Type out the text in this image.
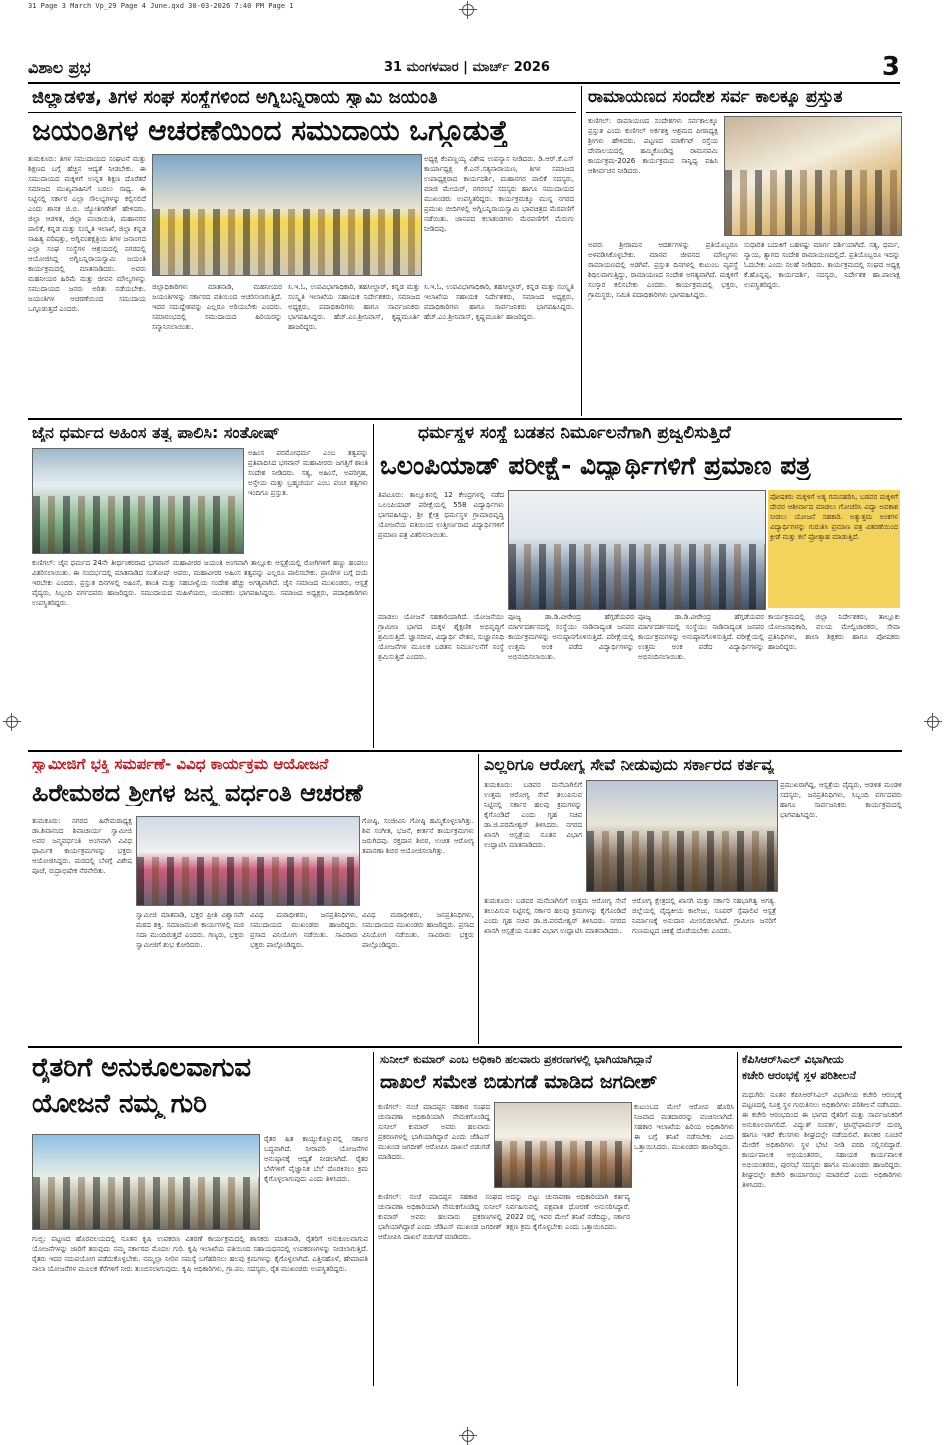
31 Page 3 March Vp_29 Page 4 June.qxd 30-03-2026 7:40 PM Page 1
ವಿಶಾಲ ಪ್ರಭ	31 ಮಂಗಳವಾರ | ಮಾರ್ಚ್ 2026	3
ಜಿಲ್ಲಾಡಳಿತ, ತಿಗಳ ಸಂಘ ಸಂಸ್ಥೆಗಳಿಂದ ಅಗ್ನಿಬನ್ನಿರಾಯ ಸ್ವಾಮಿ ಜಯಂತಿ
ಜಯಂತಿಗಳ ಆಚರಣೆಯಿಂದ ಸಮುದಾಯ ಒಗ್ಗೂಡುತ್ತೆ
ತುಮಕೂರು: ತಿಗಳ ಸಮುದಾಯದ ಸಂಘಟನೆ ಮತ್ತು ಶಿಕ್ಷಣದ ಬಗ್ಗೆ ಹೆಚ್ಚಿನ ಆದ್ಯತೆ ನೀಡಬೇಕು. ಈ ಸಮುದಾಯದ ಮಕ್ಕಳಿಗೆ ಉನ್ನತ ಶಿಕ್ಷಣ ದೊರೆತರೆ ಸಮಾಜದ ಮುಖ್ಯವಾಹಿನಿಗೆ ಬರಲು ಸಾಧ್ಯ. ಈ ನಿಟ್ಟಿನಲ್ಲಿ ಸರ್ಕಾರ ಎಲ್ಲಾ ಸೌಲಭ್ಯಗಳನ್ನು ಕಲ್ಪಿಸಲಿದೆ ಎಂದು ಶಾಸಕ ಜಿ.ಬಿ. ಜ್ಯೋತಿಗಣೇಶ್ ಹೇಳಿದರು. ಜಿಲ್ಲಾ ಆಡಳಿತ, ಜಿಲ್ಲಾ ಪಂಚಾಯಿತಿ, ಮಹಾನಗರ ಪಾಲಿಕೆ, ಕನ್ನಡ ಮತ್ತು ಸಂಸ್ಕೃತಿ ಇಲಾಖೆ, ಜಿಲ್ಲಾ ಕನ್ನಡ ಸಾಹಿತ್ಯ ಪರಿಷತ್ತು, ಅಗ್ನಿವಂಶಕ್ಷತ್ರಿಯ ತಿಗಳ ಜನಾಂಗದ ಎಲ್ಲಾ ಸಂಘ ಸಂಸ್ಥೆಗಳ ಆಶ್ರಯದಲ್ಲಿ ನಗರದಲ್ಲಿ ಆಯೋಜಿಸಿದ್ದ ಅಗ್ನಿಬನ್ನಿರಾಯಸ್ವಾಮಿ ಜಯಂತಿ ಕಾರ್ಯಕ್ರಮದಲ್ಲಿ ಮಾತನಾಡಿದರು. ಅವರು ಮಹನೀಯರ ಹಿರಿಮೆ ಮತ್ತು ಜೀವನ ಮೌಲ್ಯಗಳನ್ನು ಸಮುದಾಯದ ಜನರು ಅರಿತು ನಡೆಯಬೇಕು. ಜಯಂತಿಗಳ ಆಚರಣೆಯಿಂದ ಸಮುದಾಯ ಒಗ್ಗೂಡುತ್ತದೆ ಎಂದರು.
ಅಧ್ಯಕ್ಷ ಕೆಂಪಣ್ಣಯ್ಯ ವಿಶೇಷ ಉಪನ್ಯಾಸ ನೀಡಿದರು. ಡಿ.ಆರ್.ಕೆ.ಎಸ್ ಕಾರ್ಯಾಧ್ಯಕ್ಷ ಕೆ.ಎನ್.ಸತ್ಯನಾರಾಯಣ, ತಿಗಳ ಸಮಾಜದ ಉಪಾಧ್ಯಕ್ಷರಾದ ಕಾರ್ಯದರ್ಶಿ, ಮಹಾನಗರ ಪಾಲಿಕೆ ಸದಸ್ಯರು, ಮಾಜಿ ಮೇಯರ್, ನಗರಸಭೆ ಸದಸ್ಯರು ಹಾಗೂ ಸಮುದಾಯದ ಮುಖಂಡರು ಉಪಸ್ಥಿತರಿದ್ದರು. ಕಾರ್ಯಕ್ರಮಕ್ಕೂ ಮುನ್ನ ನಗರದ ಪ್ರಮುಖ ಬೀದಿಗಳಲ್ಲಿ ಅಗ್ನಿಬನ್ನಿರಾಯಸ್ವಾಮಿ ಭಾವಚಿತ್ರದ ಮೆರವಣಿಗೆ ನಡೆಯಿತು. ಜಾನಪದ ಕಲಾತಂಡಗಳು ಮೆರವಣಿಗೆಗೆ ಮೆರುಗು ನೀಡಿದವು.
ಜಿಲ್ಲಾಧಿಕಾರಿಗಳು ಮಾತನಾಡಿ, ಮಹನೀಯರ ಜಯಂತಿಗಳನ್ನು ಸರ್ಕಾರದ ವತಿಯಿಂದ ಆಚರಿಸಲಾಗುತ್ತಿದೆ. ಇದರ ಸದುದ್ದೇಶವನ್ನು ಎಲ್ಲರೂ ಅರಿಯಬೇಕು ಎಂದರು. ಸಮಾರಂಭದಲ್ಲಿ ಸಮುದಾಯದ ಹಿರಿಯರನ್ನು ಸನ್ಮಾನಿಸಲಾಯಿತು.
ಸಿ.ಇ.ಓ, ಉಪವಿಭಾಗಾಧಿಕಾರಿ, ತಹಸೀಲ್ದಾರ್, ಕನ್ನಡ ಮತ್ತು ಸಂಸ್ಕೃತಿ ಇಲಾಖೆಯ ಸಹಾಯಕ ನಿರ್ದೇಶಕರು, ಸಮಾಜದ ಅಧ್ಯಕ್ಷರು, ಪದಾಧಿಕಾರಿಗಳು ಹಾಗೂ ಸಾರ್ವಜನಿಕರು ಭಾಗವಹಿಸಿದ್ದರು. ಹೆಚ್.ಎಂ.ಶ್ರೀನಿವಾಸ್, ಕೃಷ್ಣಮೂರ್ತಿ ಹಾಜರಿದ್ದರು.
ಸಿ.ಇ.ಓ, ಉಪವಿಭಾಗಾಧಿಕಾರಿ, ತಹಸೀಲ್ದಾರ್, ಕನ್ನಡ ಮತ್ತು ಸಂಸ್ಕೃತಿ ಇಲಾಖೆಯ ಸಹಾಯಕ ನಿರ್ದೇಶಕರು, ಸಮಾಜದ ಅಧ್ಯಕ್ಷರು, ಪದಾಧಿಕಾರಿಗಳು ಹಾಗೂ ಸಾರ್ವಜನಿಕರು ಭಾಗವಹಿಸಿದ್ದರು. ಹೆಚ್.ಎಂ.ಶ್ರೀನಿವಾಸ್, ಕೃಷ್ಣಮೂರ್ತಿ ಹಾಜರಿದ್ದರು.
ರಾಮಾಯಣದ ಸಂದೇಶ ಸರ್ವ ಕಾಲಕ್ಕೂ ಪ್ರಸ್ತುತ
ಕುಣಿಗಲ್: ರಾಮಾಯಣದ ಸಂದೇಶಗಳು ಸರ್ವಕಾಲಕ್ಕೂ ಪ್ರಸ್ತುತ ಎಂದು ಕುಣಿಗಲ್ ಅರ್ಕಶಕ್ತಿ ಆಶ್ರಮದ ಪೀಠಾಧ್ಯಕ್ಷ ಶ್ರೀಗಳು ಹೇಳಿದರು. ಪಟ್ಟಣದ ಮಾರ್ಕೆಟ್ ರಸ್ತೆಯ ದೇವಾಲಯದಲ್ಲಿ ಹಮ್ಮಿಕೊಂಡಿದ್ದ ರಾಮನವಮಿ ಕಾರ್ಯಕ್ರಮ-2026 ಕಾರ್ಯಕ್ರಮದ ಸಾನ್ನಿಧ್ಯ ವಹಿಸಿ ಆಶೀರ್ವಚನ ನೀಡಿದರು.
ಅವರು ಶ್ರೀರಾಮನ ಆದರ್ಶಗಳನ್ನು ಪ್ರತಿಯೊಬ್ಬರೂ ಅಳವಡಿಸಿಕೊಳ್ಳಬೇಕು. ಮಾನವ ಜೀವನದ ಮೌಲ್ಯಗಳು ರಾಮಾಯಣದಲ್ಲಿ ಅಡಗಿವೆ. ಪ್ರಸ್ತುತ ದಿನಗಳಲ್ಲಿ ಕುಟುಂಬ ವ್ಯವಸ್ಥೆ ಶಿಥಿಲವಾಗುತ್ತಿದ್ದು, ರಾಮಾಯಣದ ಸಂದೇಶ ಅಗತ್ಯವಾಗಿದೆ. ಮಕ್ಕಳಿಗೆ ಸಂಸ್ಕಾರ ಕಲಿಸಬೇಕು ಎಂದರು. ಕಾರ್ಯಕ್ರಮದಲ್ಲಿ ಭಕ್ತರು, ಗ್ರಾಮಸ್ಥರು, ಸಮಿತಿ ಪದಾಧಿಕಾರಿಗಳು ಭಾಗವಹಿಸಿದ್ದರು.
ಸುಧಾರಿತ ಬದುಕಿಗೆ ಬಹಳಷ್ಟು ಮಾರ್ಗ ದರ್ಶಿಯಾಗಿದೆ. ಸತ್ಯ, ಧರ್ಮ, ನ್ಯಾಯ, ತ್ಯಾಗದ ಸಂದೇಶ ರಾಮಾಯಣದಲ್ಲಿದೆ. ಪ್ರತಿಯೊಬ್ಬರೂ ಇದನ್ನು ಓದಬೇಕು ಎಂದು ಸಲಹೆ ನೀಡಿದರು. ಕಾರ್ಯಕ್ರಮದಲ್ಲಿ ಸಂಘದ ಅಧ್ಯಕ್ಷ ಕೆ.ಹೊನ್ನಪ್ಪ, ಕಾರ್ಯದರ್ಶಿ, ಸದಸ್ಯರು, ನಿರ್ದೇಶಕ ಹಾ.ಪಾಲಾಕ್ಷ ಉಪಸ್ಥಿತರಿದ್ದರು.
ಜೈನ ಧರ್ಮದ ಅಹಿಂಸ ತತ್ವ ಪಾಲಿಸಿ: ಸಂತೋಷ್
ಅಹಿಂಸ ಪರಮೋಧರ್ಮ ಎಂಬ ತತ್ವವನ್ನು ಪ್ರತಿಪಾದಿಸಿದ ಭಗವಾನ್ ಮಹಾವೀರರು ಜಗತ್ತಿಗೆ ಶಾಂತಿ ಸಂದೇಶ ನೀಡಿದರು. ಸತ್ಯ, ಅಹಿಂಸೆ, ಅಪರಿಗ್ರಹ, ಅಸ್ತೇಯ ಮತ್ತು ಬ್ರಹ್ಮಚರ್ಯ ಎಂಬ ಪಂಚ ತತ್ವಗಳು ಇಂದಿಗೂ ಪ್ರಸ್ತುತ.
ಕುಣಿಗಲ್: ಜೈನ ಧರ್ಮದ 24ನೇ ತೀರ್ಥಂಕರರಾದ ಭಗವಾನ್ ಮಹಾವೀರರ ಜಯಂತಿ ಅಂಗವಾಗಿ ತಾಲ್ಲೂಕು ಆಸ್ಪತ್ರೆಯಲ್ಲಿ ರೋಗಿಗಳಿಗೆ ಹಣ್ಣು ಹಂಪಲು ವಿತರಿಸಲಾಯಿತು. ಈ ಸಂದರ್ಭದಲ್ಲಿ ಮಾತನಾಡಿದ ಸಂತೋಷ್ ಅವರು, ಮಹಾವೀರರ ಅಹಿಂಸ ತತ್ವವನ್ನು ಎಲ್ಲರೂ ಪಾಲಿಸಬೇಕು. ಪ್ರಾಣಿಗಳ ಬಗ್ಗೆ ದಯೆ ಇರಬೇಕು ಎಂದರು. ಪ್ರಸ್ತುತ ದಿನಗಳಲ್ಲಿ ಅಹಿಂಸೆ, ಶಾಂತಿ ಮತ್ತು ಸಹಬಾಳ್ವೆಯ ಸಂದೇಶ ಹೆಚ್ಚು ಅಗತ್ಯವಾಗಿದೆ. ಜೈನ ಸಮಾಜದ ಮುಖಂಡರು, ಆಸ್ಪತ್ರೆ ವೈದ್ಯರು, ಸಿಬ್ಬಂದಿ ವರ್ಗದವರು ಹಾಜರಿದ್ದರು. ಸಮುದಾಯದ ಮಹಿಳೆಯರು, ಯುವಕರು ಭಾಗವಹಿಸಿದ್ದರು. ಸಮಾಜದ ಅಧ್ಯಕ್ಷರು, ಪದಾಧಿಕಾರಿಗಳು ಉಪಸ್ಥಿತರಿದ್ದರು.
ಧರ್ಮಸ್ಥಳ ಸಂಸ್ಥೆ ಬಡತನ ನಿರ್ಮೂಲನೆಗಾಗಿ ಪ್ರಜ್ವಲಿಸುತ್ತಿದೆ
ಒಲಂಪಿಯಾಡ್ ಪರೀಕ್ಷೆ- ವಿದ್ಯಾರ್ಥಿಗಳಿಗೆ ಪ್ರಮಾಣ ಪತ್ರ
ತಿಪಟೂರು: ತಾಲ್ಲೂಕಿನಲ್ಲಿ 12 ಕೇಂದ್ರಗಳಲ್ಲಿ ನಡೆದ ಒಲಂಪಿಯಾಡ್ ಪರೀಕ್ಷೆಯಲ್ಲಿ 558 ವಿದ್ಯಾರ್ಥಿಗಳು ಭಾಗವಹಿಸಿದ್ದು, ಶ್ರೀ ಕ್ಷೇತ್ರ ಧರ್ಮಸ್ಥಳ ಗ್ರಾಮಾಭಿವೃದ್ಧಿ ಯೋಜನೆಯ ವತಿಯಿಂದ ಉತ್ತೀರ್ಣರಾದ ವಿದ್ಯಾರ್ಥಿಗಳಿಗೆ ಪ್ರಮಾಣ ಪತ್ರ ವಿತರಿಸಲಾಯಿತು.
ಪೋಷಕರು ಮಕ್ಕಳಿಗೆ ಅತ್ಯ ಗಮನಹರಿಸಿ, ಬಡವರ ಮಕ್ಕಳಿಗೆ ದೇವರ ಆಶೀರ್ವಾದ ಮಾಡಲು ಗೋಚರಿಸಿ ವಿದ್ಯಾ ಅವಕಾಶ ನೀಡಲು ಯೋಜನೆ ಸಹಕಾರಿ. ಅತ್ಯುತ್ತಮ ಅಂಕಗಳ ವಿದ್ಯಾರ್ಥಿಗಳನ್ನು ಗುರುತಿಸಿ ಪ್ರಮಾಣ ಪತ್ರ ವಿತರಣೆಯಿಂದ ಕ್ರೀಡೆ ಮತ್ತು ಕಲೆ ಪ್ರೋತ್ಸಾಹ ಮಾಡುತ್ತಿದೆ.
ಮಾಡಲು ಯೋಜನೆ ಸಹಕಾರಿಯಾಗಿದೆ. ಯೋಜನೆಯು ಗ್ರಾಮೀಣ ಭಾಗದ ಮಕ್ಕಳ ಶೈಕ್ಷಣಿಕ ಅಭಿವೃದ್ಧಿಗೆ ಶ್ರಮಿಸುತ್ತಿದೆ. ಜ್ಞಾನದೀಪ, ವಿದ್ಯಾರ್ಥಿ ವೇತನ, ಸುಜ್ಞಾನನಿಧಿ ಯೋಜನೆಗಳ ಮೂಲಕ ಬಡತನ ನಿರ್ಮೂಲನೆಗೆ ಸಂಸ್ಥೆ ಶ್ರಮಿಸುತ್ತಿದೆ ಎಂದರು.
ಪೂಜ್ಯ ಡಾ.ಡಿ.ವೀರೇಂದ್ರ ಹೆಗ್ಗಡೆಯವರ ಮಾರ್ಗದರ್ಶನದಲ್ಲಿ ಸಂಸ್ಥೆಯು ನಾಡಿನಾದ್ಯಂತ ಜನಪರ ಕಾರ್ಯಕ್ರಮಗಳನ್ನು ಅನುಷ್ಠಾನಗೊಳಿಸುತ್ತಿದೆ. ಪರೀಕ್ಷೆಯಲ್ಲಿ ಉತ್ತಮ ಅಂಕ ಪಡೆದ ವಿದ್ಯಾರ್ಥಿಗಳನ್ನು ಅಭಿನಂದಿಸಲಾಯಿತು.
ಪೂಜ್ಯ ಡಾ.ಡಿ.ವೀರೇಂದ್ರ ಹೆಗ್ಗಡೆಯವರ ಮಾರ್ಗದರ್ಶನದಲ್ಲಿ ಸಂಸ್ಥೆಯು ನಾಡಿನಾದ್ಯಂತ ಜನಪರ ಕಾರ್ಯಕ್ರಮಗಳನ್ನು ಅನುಷ್ಠಾನಗೊಳಿಸುತ್ತಿದೆ. ಪರೀಕ್ಷೆಯಲ್ಲಿ ಉತ್ತಮ ಅಂಕ ಪಡೆದ ವಿದ್ಯಾರ್ಥಿಗಳನ್ನು ಅಭಿನಂದಿಸಲಾಯಿತು.
ಕಾರ್ಯಕ್ರಮದಲ್ಲಿ ಜಿಲ್ಲಾ ನಿರ್ದೇಶಕರು, ತಾಲ್ಲೂಕು ಯೋಜನಾಧಿಕಾರಿ, ವಲಯ ಮೇಲ್ವಿಚಾರಕರು, ಸೇವಾ ಪ್ರತಿನಿಧಿಗಳು, ಶಾಲಾ ಶಿಕ್ಷಕರು ಹಾಗೂ ಪೋಷಕರು ಹಾಜರಿದ್ದರು.
ಸ್ವಾಮೀಜಿಗೆ ಭಕ್ತಿ ಸಮರ್ಪಣೆ- ವಿವಿಧ ಕಾರ್ಯಕ್ರಮ ಆಯೋಜನೆ
ಹಿರೇಮಠದ ಶ್ರೀಗಳ ಜನ್ಮ ವರ್ಧಂತಿ ಆಚರಣೆ
ತುಮಕೂರು: ನಗರದ ಹಿರೇಮಠಾಧ್ಯಕ್ಷ ಡಾ.ಶಿವಾನಂದ ಶಿವಾಚಾರ್ಯ ಸ್ವಾಮೀಜಿ ಅವರ ಜನ್ಮವರ್ಧಂತಿ ಅಂಗವಾಗಿ ವಿವಿಧ ಧಾರ್ಮಿಕ ಕಾರ್ಯಕ್ರಮಗಳನ್ನು ಭಕ್ತರು ಆಯೋಜಿಸಿದ್ದರು. ಮಠದಲ್ಲಿ ಬೆಳಗ್ಗೆ ವಿಶೇಷ ಪೂಜೆ, ರುದ್ರಾಭಿಷೇಕ ನೆರವೇರಿತು.
ಗೋಷ್ಠಿ, ಸಂಜೀವಿನಿ ಗೋಷ್ಠಿ ಹಮ್ಮಿಕೊಳ್ಳಲಾಗಿತ್ತು. ಶಿವ ಸಂಗೀತ, ಭಜನೆ, ಕೀರ್ತನೆ ಕಾರ್ಯಕ್ರಮಗಳು ಜರುಗಿದವು. ರಕ್ತದಾನ ಶಿಬಿರ, ಉಚಿತ ಆರೋಗ್ಯ ತಪಾಸಣಾ ಶಿಬಿರ ಆಯೋಜಿಸಲಾಗಿತ್ತು.
ಸ್ವಾಮೀಜಿ ಮಾತನಾಡಿ, ಭಕ್ತರ ಪ್ರೀತಿ ವಿಶ್ವಾಸವೇ ಮಠದ ಶಕ್ತಿ. ಸಮಾಜಮುಖಿ ಕಾರ್ಯಗಳಲ್ಲಿ ಮಠ ಸದಾ ಮುಂದಿರುತ್ತದೆ ಎಂದರು. ಗಣ್ಯರು, ಭಕ್ತರು ಸ್ವಾಮೀಜಿಗೆ ಶುಭ ಕೋರಿದರು.
ವಿವಿಧ ಮಠಾಧೀಶರು, ಜನಪ್ರತಿನಿಧಿಗಳು, ಸಮುದಾಯದ ಮುಖಂಡರು ಹಾಜರಿದ್ದರು. ಪ್ರಸಾದ ವಿನಿಯೋಗ ನಡೆಯಿತು. ಸಾವಿರಾರು ಭಕ್ತರು ಪಾಲ್ಗೊಂಡಿದ್ದರು.
ವಿವಿಧ ಮಠಾಧೀಶರು, ಜನಪ್ರತಿನಿಧಿಗಳು, ಸಮುದಾಯದ ಮುಖಂಡರು ಹಾಜರಿದ್ದರು. ಪ್ರಸಾದ ವಿನಿಯೋಗ ನಡೆಯಿತು. ಸಾವಿರಾರು ಭಕ್ತರು ಪಾಲ್ಗೊಂಡಿದ್ದರು.
ಎಲ್ಲರಿಗೂ ಆರೋಗ್ಯ ಸೇವೆ ನೀಡುವುದು ಸರ್ಕಾರದ ಕರ್ತವ್ಯ
ತುಮಕೂರು: ಬಡವರ ಮನೆಬಾಗಿಲಿಗೆ ಉತ್ತಮ ಆರೋಗ್ಯ ಸೇವೆ ತಲುಪಿಸುವ ನಿಟ್ಟಿನಲ್ಲಿ ಸರ್ಕಾರ ಹಲವು ಕ್ರಮಗಳನ್ನು ಕೈಗೊಂಡಿದೆ ಎಂದು ಗೃಹ ಸಚಿವ ಡಾ.ಜಿ.ಪರಮೇಶ್ವರ್ ತಿಳಿಸಿದರು. ನಗರದ ಖಾಸಗಿ ಆಸ್ಪತ್ರೆಯ ನೂತನ ವಿಭಾಗ ಉದ್ಘಾಟಿಸಿ ಮಾತನಾಡಿದರು.
ಪ್ರಮುಖರಾಗಿದ್ದ, ಆಸ್ಪತ್ರೆಯ ವೈದ್ಯರು, ಆಡಳಿತ ಮಂಡಳಿ ಸದಸ್ಯರು, ಜನಪ್ರತಿನಿಧಿಗಳು, ಸಿಬ್ಬಂದಿ ವರ್ಗದವರು ಹಾಗೂ ಸಾರ್ವಜನಿಕರು ಕಾರ್ಯಕ್ರಮದಲ್ಲಿ ಭಾಗವಹಿಸಿದ್ದರು.
ತುಮಕೂರು: ಬಡವರ ಮನೆಬಾಗಿಲಿಗೆ ಉತ್ತಮ ಆರೋಗ್ಯ ಸೇವೆ ತಲುಪಿಸುವ ನಿಟ್ಟಿನಲ್ಲಿ ಸರ್ಕಾರ ಹಲವು ಕ್ರಮಗಳನ್ನು ಕೈಗೊಂಡಿದೆ ಎಂದು ಗೃಹ ಸಚಿವ ಡಾ.ಜಿ.ಪರಮೇಶ್ವರ್ ತಿಳಿಸಿದರು. ನಗರದ ಖಾಸಗಿ ಆಸ್ಪತ್ರೆಯ ನೂತನ ವಿಭಾಗ ಉದ್ಘಾಟಿಸಿ ಮಾತನಾಡಿದರು.
ಆರೋಗ್ಯ ಕ್ಷೇತ್ರದಲ್ಲಿ ಖಾಸಗಿ ಮತ್ತು ಸರ್ಕಾರಿ ಸಹಭಾಗಿತ್ವ ಅಗತ್ಯ. ಜಿಲ್ಲೆಯಲ್ಲಿ ವೈದ್ಯಕೀಯ ಕಾಲೇಜು, ಸೂಪರ್ ಸ್ಪೆಷಾಲಿಟಿ ಆಸ್ಪತ್ರೆ ನಿರ್ಮಾಣಕ್ಕೆ ಅನುದಾನ ಮೀಸಲಿಡಲಾಗಿದೆ. ಗ್ರಾಮೀಣ ಜನರಿಗೆ ಗುಣಮಟ್ಟದ ಚಿಕಿತ್ಸೆ ದೊರೆಯಬೇಕು ಎಂದರು.
ರೈತರಿಗೆ ಅನುಕೂಲವಾಗುವ
ಯೋಜನೆ ನಮ್ಮ ಗುರಿ
ರೈತರ ಹಿತ ಕಾಯ್ದುಕೊಳ್ಳುವಲ್ಲಿ ಸರ್ಕಾರ ಬದ್ಧವಾಗಿದೆ. ನೀರಾವರಿ ಯೋಜನೆಗಳ ಅನುಷ್ಠಾನಕ್ಕೆ ಆದ್ಯತೆ ನೀಡಲಾಗಿದೆ. ರೈತರ ಬೆಳೆಗಳಿಗೆ ವೈಜ್ಞಾನಿಕ ಬೆಲೆ ದೊರಕಿಸಲು ಕ್ರಮ ಕೈಗೊಳ್ಳಲಾಗುವುದು ಎಂದು ತಿಳಿಸಿದರು.
ಗುಬ್ಬಿ: ಪಟ್ಟಣದ ಹೊರವಲಯದಲ್ಲಿ ನೂತನ ಕೃಷಿ ಉಪಕರಣ ವಿತರಣೆ ಕಾರ್ಯಕ್ರಮದಲ್ಲಿ ಶಾಸಕರು ಮಾತನಾಡಿ, ರೈತರಿಗೆ ಅನುಕೂಲವಾಗುವ ಯೋಜನೆಗಳನ್ನು ಜಾರಿಗೆ ತರುವುದು ನಮ್ಮ ಸರ್ಕಾರದ ಮೊದಲ ಗುರಿ. ಕೃಷಿ ಇಲಾಖೆಯ ವತಿಯಿಂದ ಸಹಾಯಧನದಲ್ಲಿ ಉಪಕರಣಗಳನ್ನು ನೀಡಲಾಗುತ್ತಿದೆ. ರೈತರು ಇದರ ಸದುಪಯೋಗ ಪಡೆದುಕೊಳ್ಳಬೇಕು. ನಮ್ಮಲ್ಲಾ ನೀರಿನ ಸಮಸ್ಯೆ ಬಗೆಹರಿಸಲು ಹಲವು ಕ್ರಮಗಳನ್ನು ಕೈಗೊಳ್ಳಲಾಗಿದೆ. ಎತ್ತಿನಹೊಳೆ, ಹೇಮಾವತಿ ನಾಲಾ ಯೋಜನೆಗಳ ಮೂಲಕ ಕೆರೆಗಳಿಗೆ ನೀರು ತುಂಬಿಸಲಾಗುವುದು. ಕೃಷಿ ಅಧಿಕಾರಿಗಳು, ಗ್ರಾ.ಪಂ. ಸದಸ್ಯರು, ರೈತ ಮುಖಂಡರು ಉಪಸ್ಥಿತರಿದ್ದರು.
ಸುನೀಲ್ ಕುಮಾರ್ ಎಂಬ ಅಧಿಕಾರಿ ಹಲವಾರು ಪ್ರಕರಣಗಳಲ್ಲಿ ಭಾಗಿಯಾಗಿದ್ದಾನೆ
ದಾಖಲೆ ಸಮೇತ ಬಿಡುಗಡೆ ಮಾಡಿದ ಜಗದೀಶ್
ಕುಣಿಗಲ್: ನಂಜೆ ಮಾದಪ್ಪನ ಸಹಕಾರ ಸಂಘದ ಚುನಾವಣಾ ಅಧಿಕಾರಿಯಾಗಿ ನೇಮಕಗೊಂಡಿದ್ದ ಸುನೀಲ್ ಕುಮಾರ್ ಅವರು ಹಲವಾರು ಪ್ರಕರಣಗಳಲ್ಲಿ ಭಾಗಿಯಾಗಿದ್ದಾರೆ ಎಂದು ಜೆಡಿಎಸ್ ಮುಖಂಡ ಜಗದೀಶ್ ಆರೋಪಿಸಿ ದಾಖಲೆ ಬಿಡುಗಡೆ ಮಾಡಿದರು.
ಕುಟುಂಬದ ಮೇಲೆ ಆರೋಪ ಹೊರಿಸಿ ನಿಜವಾದ ಮತದಾರರನ್ನು ವಂಚಿಸಲಾಗಿದೆ. ಸಹಕಾರ ಇಲಾಖೆಯ ಹಿರಿಯ ಅಧಿಕಾರಿಗಳು ಈ ಬಗ್ಗೆ ತನಿಖೆ ನಡೆಸಬೇಕು ಎಂದು ಒತ್ತಾಯಿಸಿದರು. ಮುಖಂಡರು ಹಾಜರಿದ್ದರು.
ಕುಣಿಗಲ್: ನಂಜೆ ಮಾದಪ್ಪನ ಸಹಕಾರ ಸಂಘದ ಚುನಾವಣಾ ಅಧಿಕಾರಿಯಾಗಿ ನೇಮಕಗೊಂಡಿದ್ದ ಸುನೀಲ್ ಕುಮಾರ್ ಅವರು ಹಲವಾರು ಪ್ರಕರಣಗಳಲ್ಲಿ ಭಾಗಿಯಾಗಿದ್ದಾರೆ ಎಂದು ಜೆಡಿಎಸ್ ಮುಖಂಡ ಜಗದೀಶ್ ಆರೋಪಿಸಿ ದಾಖಲೆ ಬಿಡುಗಡೆ ಮಾಡಿದರು.
ಅದನ್ನು ಬಿಟ್ಟು ಚುನಾವಣಾ ಅಧಿಕಾರಿಯಾಗಿ ಕರ್ತವ್ಯ ನಿರ್ವಹಿಸುವಲ್ಲಿ ಪಕ್ಷಪಾತ ಧೋರಣೆ ಅನುಸರಿಸಿದ್ದಾರೆ. 2022 ರಲ್ಲಿ ಇವರ ಮೇಲೆ ತನಿಖೆ ನಡೆದಿದ್ದು, ಸರ್ಕಾರ ತಕ್ಷಣ ಕ್ರಮ ಕೈಗೊಳ್ಳಬೇಕು ಎಂದು ಒತ್ತಾಯಿಸಿದರು.
ಕೆಪಿಸಿಆರ್‌ಸಿಎಲ್ ವಿಭಾಗೀಯ
ಕಚೇರಿ ಆರಂಭಕ್ಕೆ ಸ್ಥಳ ಪರಿಶೀಲನೆ
ಮಧುಗಿರಿ: ನೂತನ ಕೆಪಿಸಿಆರ್‌ಸಿಎಲ್ ವಿಭಾಗೀಯ ಕಚೇರಿ ಆರಂಭಕ್ಕೆ ಪಟ್ಟಣದಲ್ಲಿ ಸೂಕ್ತ ಸ್ಥಳ ಗುರುತಿಸಲು ಅಧಿಕಾರಿಗಳು ಪರಿಶೀಲನೆ ನಡೆಸಿದರು. ಈ ಕಚೇರಿ ಆರಂಭದಿಂದ ಈ ಭಾಗದ ರೈತರಿಗೆ ಮತ್ತು ಸಾರ್ವಜನಿಕರಿಗೆ ಅನುಕೂಲವಾಗಲಿದೆ. ವಿದ್ಯುತ್ ಸಂಪರ್ಕ, ಟ್ರಾನ್ಸ್‌ಫಾರ್ಮರ್ ದುರಸ್ತಿ ಹಾಗೂ ಇತರೆ ಕೆಲಸಗಳು ಶೀಘ್ರದಲ್ಲೇ ನಡೆಯಲಿವೆ. ಶಾಸಕರ ಸೂಚನೆ ಮೇರೆಗೆ ಅಧಿಕಾರಿಗಳು ಸ್ಥಳ ಭೇಟಿ ನೀಡಿ ವರದಿ ಸಲ್ಲಿಸಲಿದ್ದಾರೆ. ಕಾರ್ಯಪಾಲಕ ಅಭಿಯಂತರರು, ಸಹಾಯಕ ಕಾರ್ಯಪಾಲಕ ಅಭಿಯಂತರರು, ಪುರಸಭೆ ಸದಸ್ಯರು ಹಾಗೂ ಮುಖಂಡರು ಹಾಜರಿದ್ದರು. ಶೀಘ್ರದಲ್ಲೇ ಕಚೇರಿ ಕಾರ್ಯಾರಂಭ ಮಾಡಲಿದೆ ಎಂದು ಅಧಿಕಾರಿಗಳು ತಿಳಿಸಿದರು.
